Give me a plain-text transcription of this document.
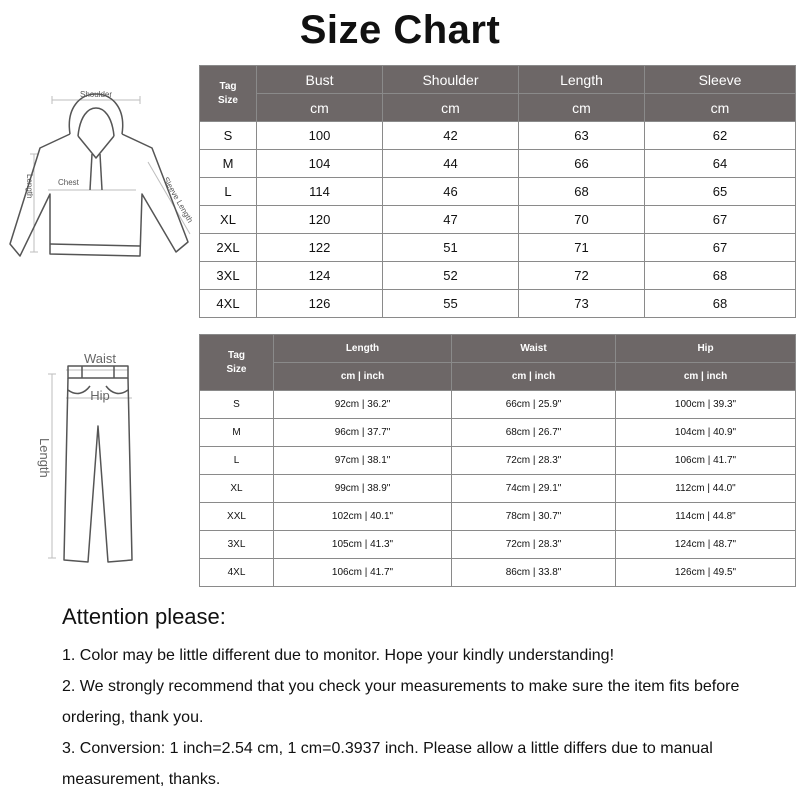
Size Chart
Shoulder
Length	Chest	Sleeve Length
Tag
Size	Bust	Shoulder	Length	Sleeve
	cm	cm	cm	cm
S	100	42	63	62
M	104	44	66	64
L	114	46	68	65
XL	120	47	70	67
2XL	122	51	71	67
3XL	124	52	72	68
4XL	126	55	73	68
Waist
Hip
Length
Tag
Size	Length	Waist	Hip
	cm | inch	cm | inch	cm | inch
S	92cm | 36.2"	66cm | 25.9"	100cm | 39.3"
M	96cm | 37.7"	68cm | 26.7"	104cm | 40.9"
L	97cm | 38.1"	72cm | 28.3"	106cm | 41.7"
XL	99cm | 38.9"	74cm | 29.1"	112cm | 44.0"
XXL	102cm | 40.1"	78cm | 30.7"	114cm | 44.8"
3XL	105cm | 41.3"	72cm | 28.3"	124cm | 48.7"
4XL	106cm | 41.7"	86cm | 33.8"	126cm | 49.5"
Attention please:

1. Color may be little different due to monitor. Hope your kindly understanding!

2. We strongly recommend that you check your measurements to make sure the item fits before ordering, thank you.

3. Conversion: 1 inch=2.54 cm, 1 cm=0.3937 inch. Please allow a little differs due to manual measurement, thanks.
